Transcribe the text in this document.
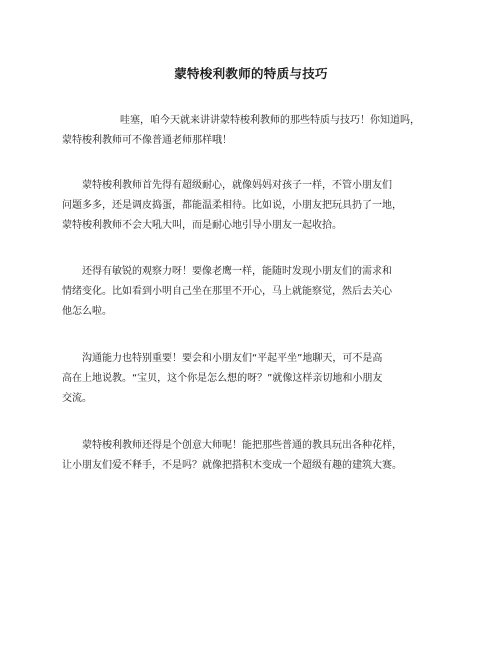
蒙特梭利教师的特质与技巧
哇塞，咱今天就来讲讲蒙特梭利教师的那些特质与技巧！你知道吗，
蒙特梭利教师可不像普通老师那样哦！
蒙特梭利教师首先得有超级耐心，就像妈妈对孩子一样，不管小朋友们
问题多多，还是调皮捣蛋，都能温柔相待。比如说，小朋友把玩具扔了一地，
蒙特梭利教师不会大吼大叫，而是耐心地引导小朋友一起收拾。
还得有敏锐的观察力呀！要像老鹰一样，能随时发现小朋友们的需求和
情绪变化。比如看到小明自己坐在那里不开心，马上就能察觉，然后去关心
他怎么啦。
沟通能力也特别重要！要会和小朋友们“平起平坐”地聊天，可不是高
高在上地说教。“宝贝，这个你是怎么想的呀？”就像这样亲切地和小朋友
交流。
蒙特梭利教师还得是个创意大师呢！能把那些普通的教具玩出各种花样，
让小朋友们爱不释手，不是吗？就像把搭积木变成一个超级有趣的建筑大赛。
